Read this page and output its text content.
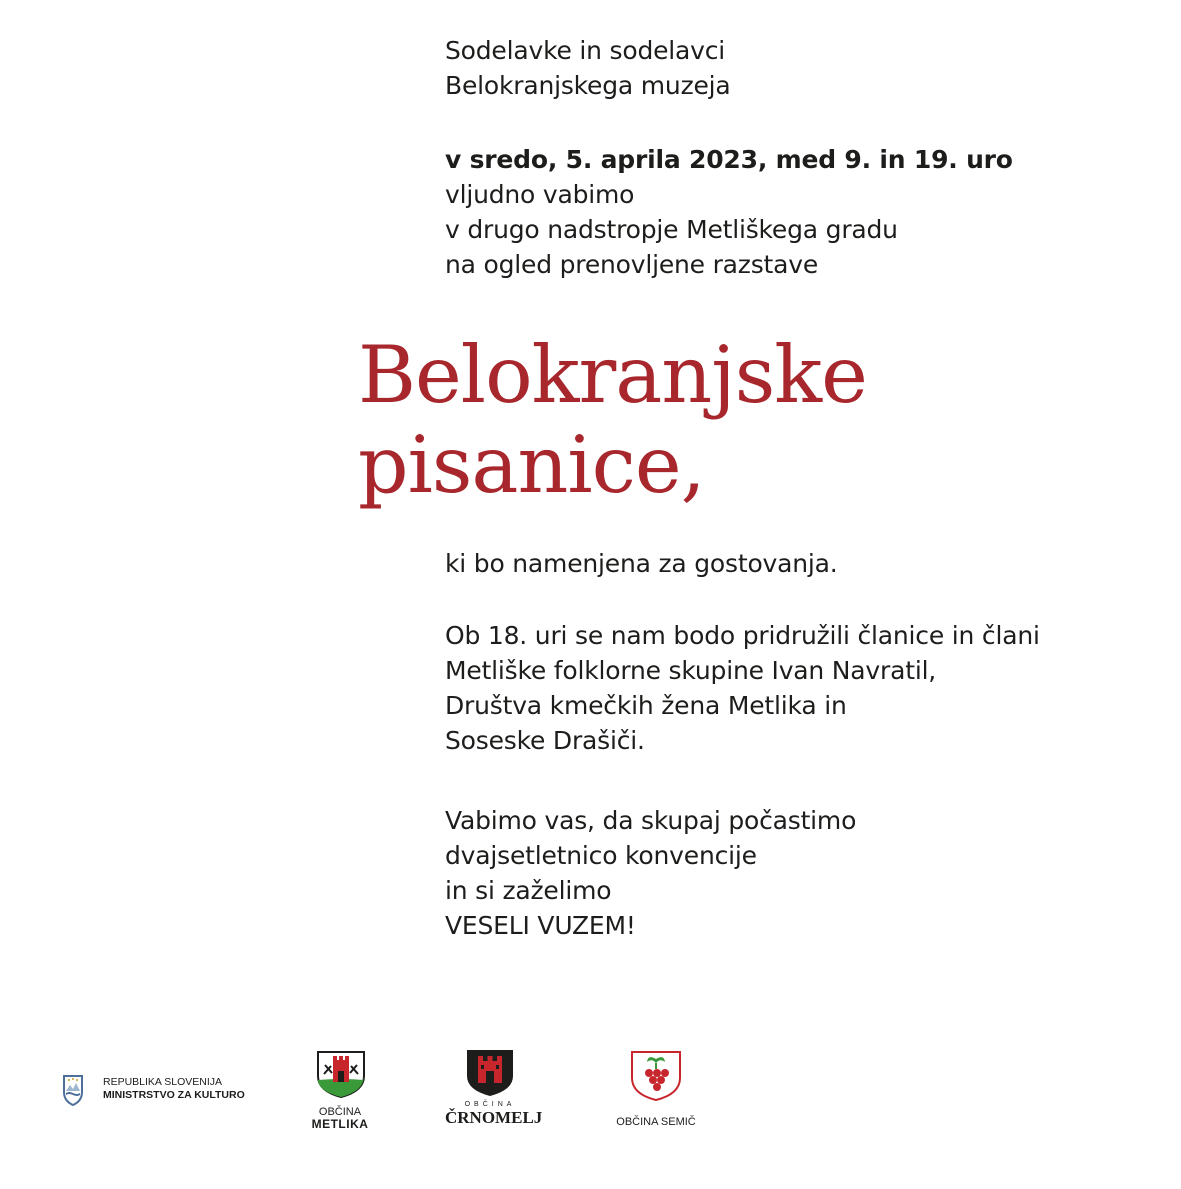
Sodelavke in sodelavci
Belokranjskega muzeja
v sredo, 5. aprila 2023, med 9. in 19. uro
vljudno vabimo
v drugo nadstropje Metliškega gradu
na ogled prenovljene razstave
Belokranjske
pisanice,
ki bo namenjena za gostovanja.
Ob 18. uri se nam bodo pridružili članice in člani
Metliške folklorne skupine Ivan Navratil,
Društva kmečkih žena Metlika in
Soseske Drašiči.
Vabimo vas, da skupaj počastimo
dvajsetletnico konvencije
in si zaželimo
VESELI VUZEM!
REPUBLIKA SLOVENIJA
MINISTRSTVO ZA KULTURO
OBČINA
METLIKA
OBČINA
ČRNOMELJ	OBČINA SEMIČ
